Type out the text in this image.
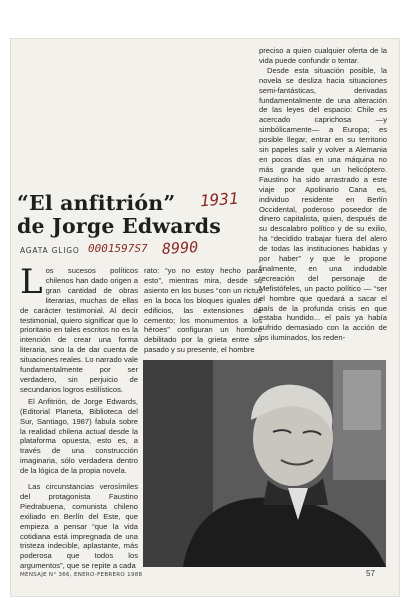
“El anfitrión”
de Jorge Edwards
1931
0001597S7 8990
AGATA GLIGO

Los sucesos políticos chilenos han dado origen a gran cantidad de obras literarias, muchas de ellas de carácter testimonial. Al decir testimonial, quiero significar que lo prioritario en tales escritos no es la intención de crear una forma literaria, sino la de dar cuenta de situaciones reales. Lo narrado vale fundamentalmente por ser verdadero, sin perjuicio de secundarios logros estilísticos.

El Anfitrión, de Jorge Edwards, (Editorial Planeta, Biblioteca del Sur, Santiago, 1987) fabula sobre la realidad chilena actual desde la plataforma opuesta, esto es, a través de una construcción imaginaria, sólo verdadera dentro de la lógica de la propia novela.

Las circunstancias verosímiles del protagonista Faustino Piedrabuena, comunista chileno exiliado en Berlín del Este, que empieza a pensar “que la vida cotidiana está impregnada de una tristeza indecible, aplastante, más poderosa que todos los argumentos”, que se repite a cada

rato: “yo no estoy hecho para esto”, mientras mira, desde su asiento en los buses “con un rictus en la boca los bloques iguales de edificios, las extensiones de cemento; los monumentos a los héroes” configuran un hombre debilitado por la grieta entre su pasado y su presente, el hombre

preciso a quien cualquier oferta de la vida puede confundir o tentar.

Desde esta situación posible, la novela se desliza hacia situaciones semi-fantásticas, derivadas fundamentalmente de una alteración de las leyes del espacio: Chile es acercado caprichosa —y simbólicamente— a Europa; es posible llegar, entrar en su territorio sin papeles salir y volver a Alemania en pocos días en una máquina no más grande que un helicóptero. Faustino ha sido arrastrado a este viaje por Apolinario Cana es, individuo residente en Berlín Occidental, poderoso poseedor de dinero capitalista, quien, después de su descalabro político y de su exilio, ha “decidido trabajar fuera del alero de todas las instituciones habidas y por haber” y que le propone finalmente, en una indudable recreación del personaje de Mefistófeles, un pacto político — “ser el hombre que quedará a sacar el país de la profunda crisis en que estaba hundido... el país ya había sufrido demasiado con la acción de los iluminados, los reden-

MENSAJE N° 366, ENERO-FEBRERO 1988	57
